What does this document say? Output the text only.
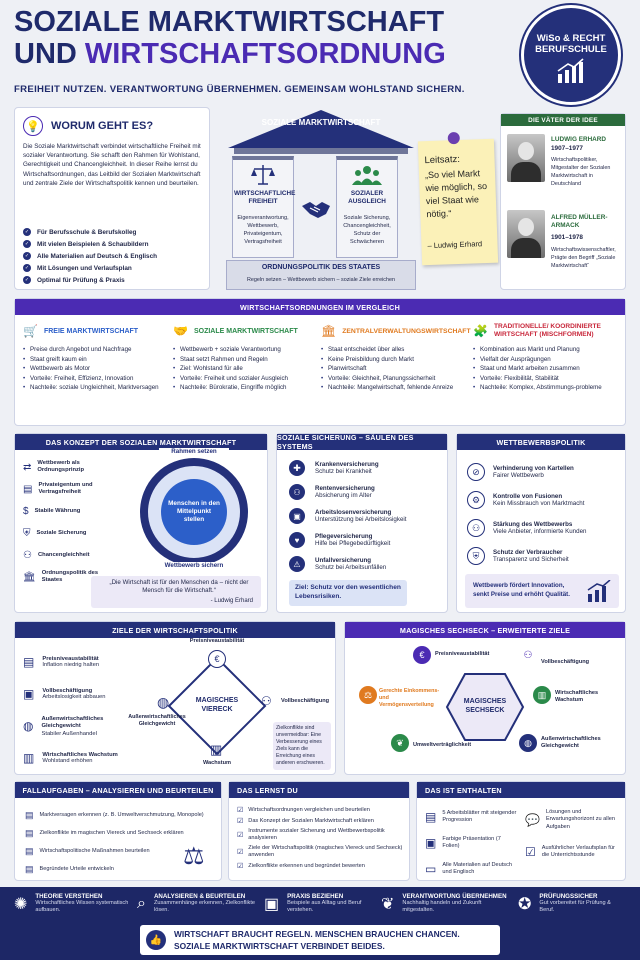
SOZIALE MARKTWIRTSCHAFT
UND WIRTSCHAFTSORDNUNG
FREIHEIT NUTZEN. VERANTWORTUNG ÜBERNEHMEN. GEMEINSAM WOHLSTAND SICHERN.
WiSo & RECHT
BERUFSCHULE
💡 WORUM GEHT ES?
Die Soziale Marktwirtschaft verbindet wirtschaftliche Freiheit mit sozialer Verantwortung. Sie schafft den Rahmen für Wohlstand, Gerechtigkeit und Chancengleichheit. In dieser Reihe lernst du Wirtschaftsordnungen, das Leitbild der Sozialen Marktwirtschaft und zentrale Ziele der Wirtschaftspolitik kennen und beurteilen.
✓ Für Berufsschule & Berufskolleg
✓ Mit vielen Beispielen & Schaubildern
✓ Alle Materialien auf Deutsch & Englisch
✓ Mit Lösungen und Verlaufsplan
✓ Optimal für Prüfung & Praxis
SOZIALE MARKTWIRTSCHAFT
WIRTSCHAFTLICHE FREIHEIT
Eigenverantwortung, Wettbewerb, Privateigentum, Vertragsfreiheit
SOZIALER AUSGLEICH
Soziale Sicherung, Chancengleichheit, Schutz der Schwächeren
ORDNUNGSPOLITIK DES STAATES
Regeln setzen – Wettbewerb sichern – soziale Ziele erreichen
Leitsatz:
„So viel Markt wie möglich, so viel Staat wie nötig.“
– Ludwig Erhard
DIE VÄTER DER IDEE
LUDWIG ERHARD
1907–1977
Wirtschaftspolitiker, Mitgestalter der Sozialen Marktwirtschaft in Deutschland
ALFRED MÜLLER-ARMACK
1901–1978
Wirtschaftswissenschaftler, Prägte den Begriff „Soziale Marktwirtschaft“
WIRTSCHAFTSORDNUNGEN IM VERGLEICH
🛒 FREIE MARKTWIRTSCHAFT
• Preise durch Angebot und Nachfrage
• Staat greift kaum ein
• Wettbewerb als Motor
• Vorteile: Freiheit, Effizienz, Innovation
• Nachteile: soziale Ungleichheit, Marktversagen
🤝 SOZIALE MARKTWIRTSCHAFT
• Wettbewerb + soziale Verantwortung
• Staat setzt Rahmen und Regeln
• Ziel: Wohlstand für alle
• Vorteile: Freiheit und sozialer Ausgleich
• Nachteile: Bürokratie, Eingriffe möglich
🏛 ZENTRALVERWALTUNGSWIRTSCHAFT
• Staat entscheidet über alles
• Keine Preisbildung durch Markt
• Planwirtschaft
• Vorteile: Gleichheit, Planungssicherheit
• Nachteile: Mangelwirtschaft, fehlende Anreize
🧩 TRADITIONELLE/ KOORDINIERTE WIRTSCHAFT (MISCHFORMEN)
• Kombination aus Markt und Planung
• Vielfalt der Ausprägungen
• Staat und Markt arbeiten zusammen
• Vorteile: Flexibilität, Stabilität
• Nachteile: Komplex, Abstimmungs-probleme
DAS KONZEPT DER SOZIALEN MARKTWIRTSCHAFT
⇄ Wettbewerb als Ordnungsprinzip
▤ Privateigentum und Vertragsfreiheit
$ Stabile Währung
⛨ Soziale Sicherung
⚇ Chancengleichheit
🏛 Ordnungspolitik des Staates
Menschen in den Mittelpunkt stellen
Rahmen setzen
Wettbewerb sichern
„Die Wirtschaft ist für den Menschen da – nicht der Mensch für die Wirtschaft.“
- Ludwig Erhard
SOZIALE SICHERUNG – SÄULEN DES SYSTEMS
✚	Krankenversicherung
Schutz bei Krankheit
⚇	Rentenversicherung
Absicherung im Alter
▣	Arbeitslosenversicherung
Unterstützung bei Arbeitslosigkeit
♥	Pflegeversicherung
Hilfe bei Pflegebedürftigkeit
⚠	Unfallversicherung
Schutz bei Arbeitsunfällen
Ziel: Schutz vor den wesentlichen Lebensrisiken.
WETTBEWERBSPOLITIK
⊘	Verhinderung von Kartellen
Fairer Wettbewerb
⚙	Kontrolle von Fusionen
Kein Missbrauch von Marktmacht
⚇	Stärkung des Wettbewerbs
Viele Anbieter, informierte Kunden
⛨	Schutz der Verbraucher
Transparenz und Sicherheit
Wettbewerb fördert Innovation, senkt Preise und erhöht Qualität.
ZIELE DER WIRTSCHAFTSPOLITIK
▤ Preisniveaustabilität
Inflation niedrig halten
▣ Vollbeschäftigung
Arbeitslosigkeit abbauen
◍
Außenwirtschaftliches Gleichgewicht
Stabiler Außenhandel
▥ Wirtschaftliches Wachstum
Wohlstand erhöhen
MAGISCHES VIERECK
€
Preisniveaustabilität
◍
Außenwirtschaftliches Gleichgewicht
⚇ Vollbeschäftigung
▥
Wachstum
Zielkonflikte sind unvermeidbar: Eine Verbesserung eines Ziels kann die Erreichung eines anderen erschweren.
MAGISCHES SECHSECK – ERWEITERTE ZIELE
MAGISCHES SECHSECK
€	Preisniveaustabilität	⚇
Vollbeschäftigung
▥	Wirtschaftliches Wachstum
◍	Außenwirtschaftliches Gleichgewicht
❦	Umweltverträglichkeit
⚖	Gerechte Einkommens- und Vermögensverteilung
FALLAUFGABEN – ANALYSIEREN UND BEURTEILEN
▤ Marktversagen erkennen (z. B. Umweltverschmutzung, Monopole)
▤ Zielkonflikte im magischen Viereck und Sechseck erklären
▤ Wirtschaftspolitische Maßnahmen beurteilen
▤ Begründete Urteile entwickeln	⚖
DAS LERNST DU
☑ Wirtschaftsordnungen vergleichen und beurteilen
☑ Das Konzept der Sozialen Marktwirtschaft erklären
☑
Instrumente sozialer Sicherung und Wettbewerbspolitik analysieren
☑
Ziele der Wirtschaftspolitik (magisches Viereck und Sechseck) anwenden
☑ Zielkonflikte erkennen und begründet bewerten
DAS IST ENTHALTEN
▤ 5 Arbeitsblätter mit steigender Progression
▣ Farbige Präsentation (7 Folien)
▭ Alle Materialien auf Deutsch und Englisch
💬
Lösungen und Erwartungshorizont zu allen Aufgaben
☑ Ausführlicher Verlaufsplan für die Unterrichtsstunde
✺ THEORIE VERSTEHEN
Wirtschaftliches Wissen systematisch aufbauen.	⌕ ANALYSIEREN & BEURTEILEN
Zusammenhänge erkennen, Zielkonflikte lösen.	▣ PRAXIS BEZIEHEN
Beispiele aus Alltag und Beruf verstehen.	❦ VERANTWORTUNG ÜBERNEHMEN
Nachhaltig handeln und Zukunft mitgestalten.	✪ PRÜFUNGSSICHER
Gut vorbereitet für Prüfung & Beruf.
👍
WIRTSCHAFT BRAUCHT REGELN. MENSCHEN BRAUCHEN CHANCEN.
SOZIALE MARKTWIRTSCHAFT VERBINDET BEIDES.
